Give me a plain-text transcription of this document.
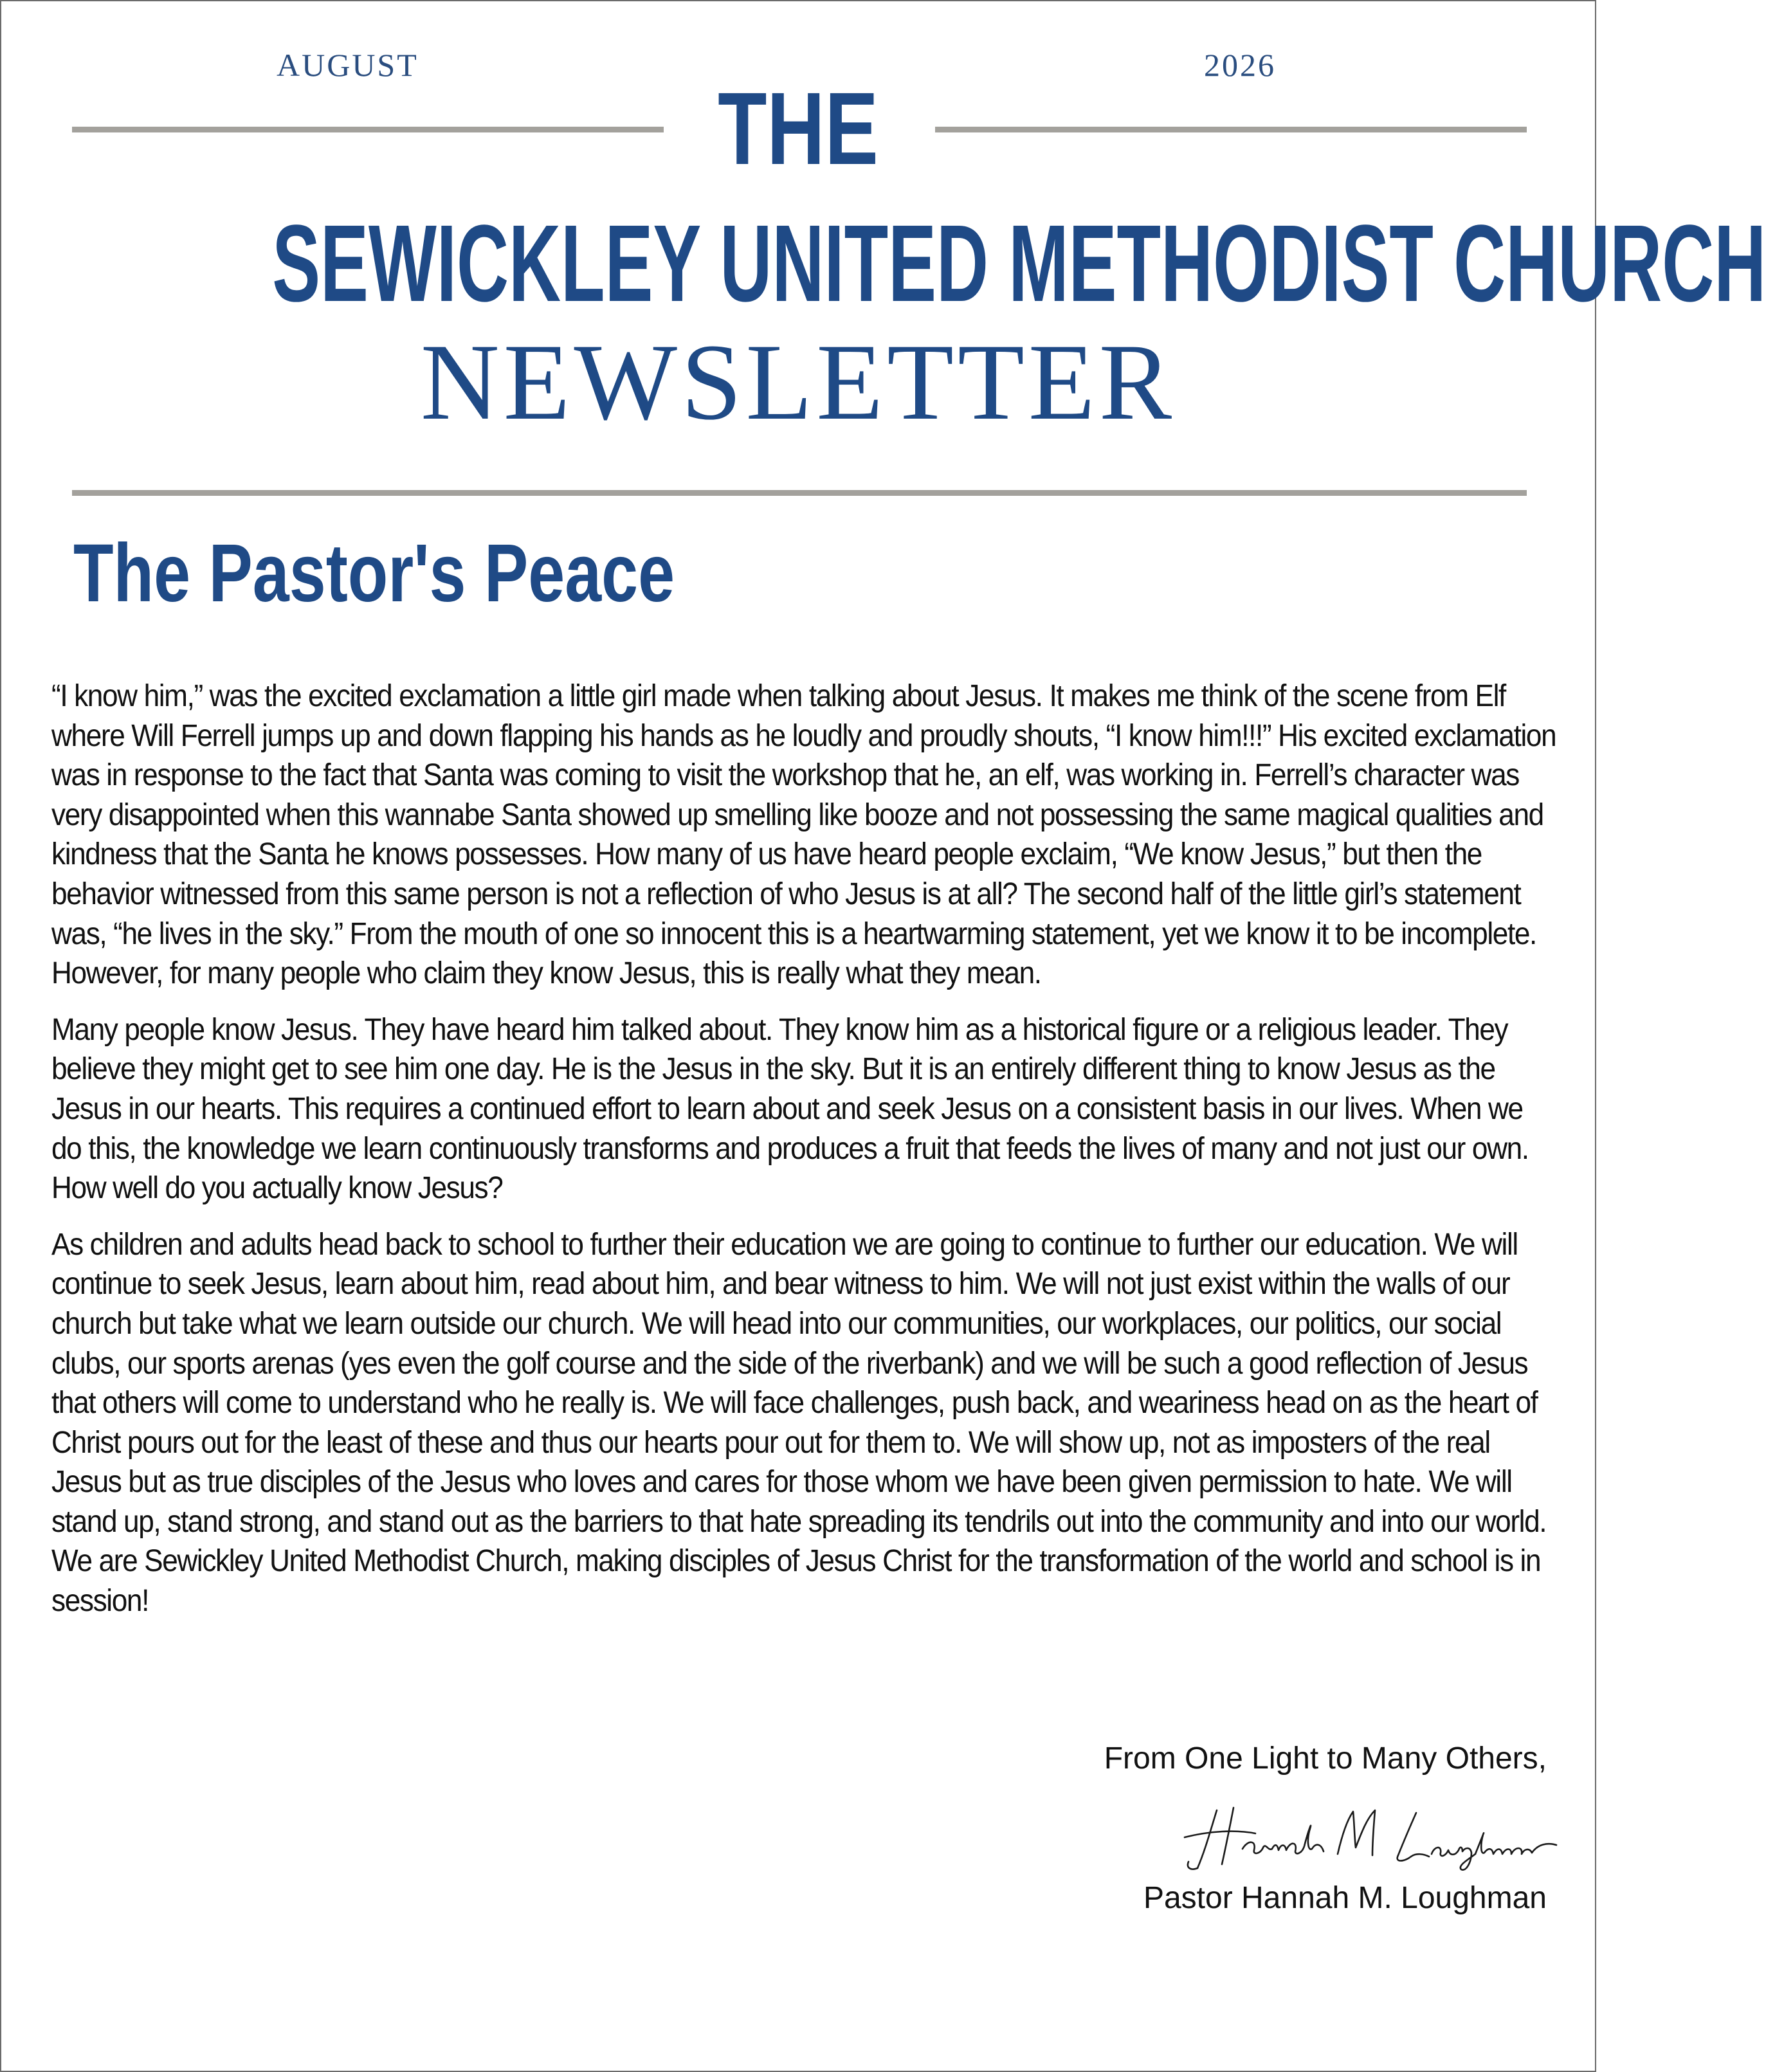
AUGUST	2026
THE
SEWICKLEY UNITED METHODIST CHURCH
NEWSLETTER
The Pastor's Peace

“I know him,” was the excited exclamation a little girl made when talking about Jesus. It makes me think of the scene from Elf where Will Ferrell jumps up and down flapping his hands as he loudly and proudly shouts, “I know him!!!” His excited exclamation was in response to the fact that Santa was coming to visit the workshop that he, an elf, was working in. Ferrell’s character was very disappointed when this wannabe Santa showed up smelling like booze and not possessing the same magical qualities and kindness that the Santa he knows possesses. How many of us have heard people exclaim, “We know Jesus,” but then the behavior witnessed from this same person is not a reflection of who Jesus is at all? The second half of the little girl’s statement was, “he lives in the sky.” From the mouth of one so innocent this is a heartwarming statement, yet we know it to be incomplete. However, for many people who claim they know Jesus, this is really what they mean.

Many people know Jesus. They have heard him talked about. They know him as a historical figure or a religious leader. They believe they might get to see him one day. He is the Jesus in the sky. But it is an entirely different thing to know Jesus as the Jesus in our hearts. This requires a continued effort to learn about and seek Jesus on a consistent basis in our lives. When we do this, the knowledge we learn continuously transforms and produces a fruit that feeds the lives of many and not just our own. How well do you actually know Jesus?

As children and adults head back to school to further their education we are going to continue to further our education. We will continue to seek Jesus, learn about him, read about him, and bear witness to him. We will not just exist within the walls of our church but take what we learn outside our church. We will head into our communities, our workplaces, our politics, our social clubs, our sports arenas (yes even the golf course and the side of the riverbank) and we will be such a good reflection of Jesus that others will come to understand who he really is. We will face challenges, push back, and weariness head on as the heart of Christ pours out for the least of these and thus our hearts pour out for them to. We will show up, not as imposters of the real Jesus but as true disciples of the Jesus who loves and cares for those whom we have been given permission to hate. We will stand up, stand strong, and stand out as the barriers to that hate spreading its tendrils out into the community and into our world. We are Sewickley United Methodist Church, making disciples of Jesus Christ for the transformation of the world and school is in session!

From One Light to Many Others,
Pastor Hannah M. Loughman
